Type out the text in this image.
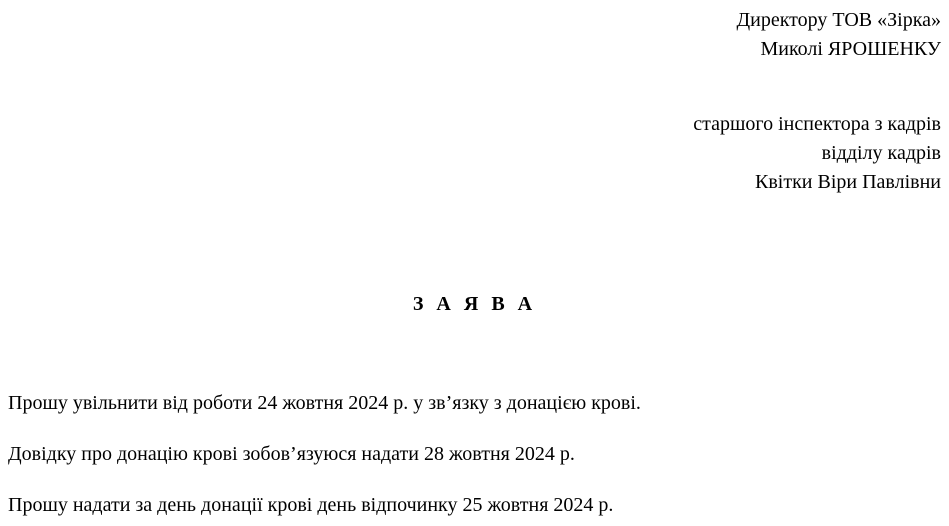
Директору ТОВ «Зірка»
Миколі ЯРОШЕНКУ
старшого інспектора з кадрів
відділу кадрів
Квітки Віри Павлівни
З А Я В А

Прошу увільнити від роботи 24 жовтня 2024 р. у зв’язку з донацією крові.

Довідку про донацію крові зобов’язуюся надати 28 жовтня 2024 р.

Прошу надати за день донації крові день відпочинку 25 жовтня 2024 р.
